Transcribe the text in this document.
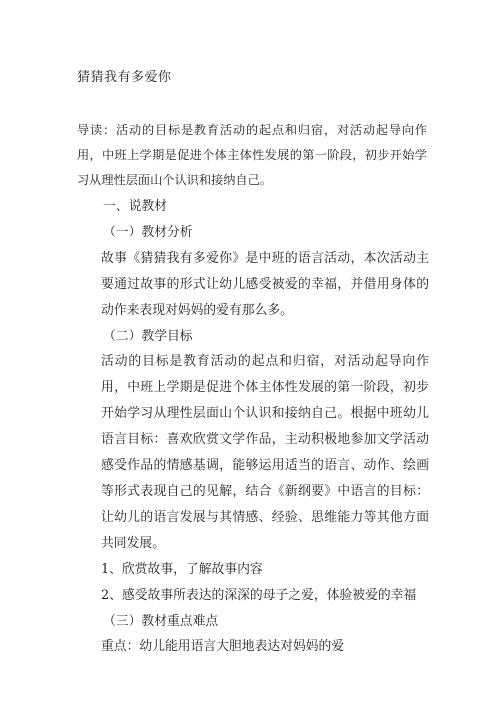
猜猜我有多爱你
导读：活动的目标是教育活动的起点和归宿，对活动起导向作用，中班上学期是促进个体主体性发展的第一阶段，初步开始学习从理性层面山个认识和接纳自己。

一、说教材

（一）教材分析

故事《猜猜我有多爱你》是中班的语言活动，本次活动主要通过故事的形式让幼儿感受被爱的幸福，并借用身体的动作来表现对妈妈的爱有那么多。

（二）教学目标

活动的目标是教育活动的起点和归宿，对活动起导向作用，中班上学期是促进个体主体性发展的第一阶段，初步开始学习从理性层面山个认识和接纳自己。根据中班幼儿语言目标：喜欢欣赏文学作品，主动积极地参加文学活动感受作品的情感基调，能够运用适当的语言、动作、绘画等形式表现自己的见解，结合《新纲要》中语言的目标：让幼儿的语言发展与其情感、经验、思维能力等其他方面共同发展。

1、欣赏故事，了解故事内容

2、感受故事所表达的深深的母子之爱，体验被爱的幸福

（三）教材重点难点

重点：幼儿能用语言大胆地表达对妈妈的爱
